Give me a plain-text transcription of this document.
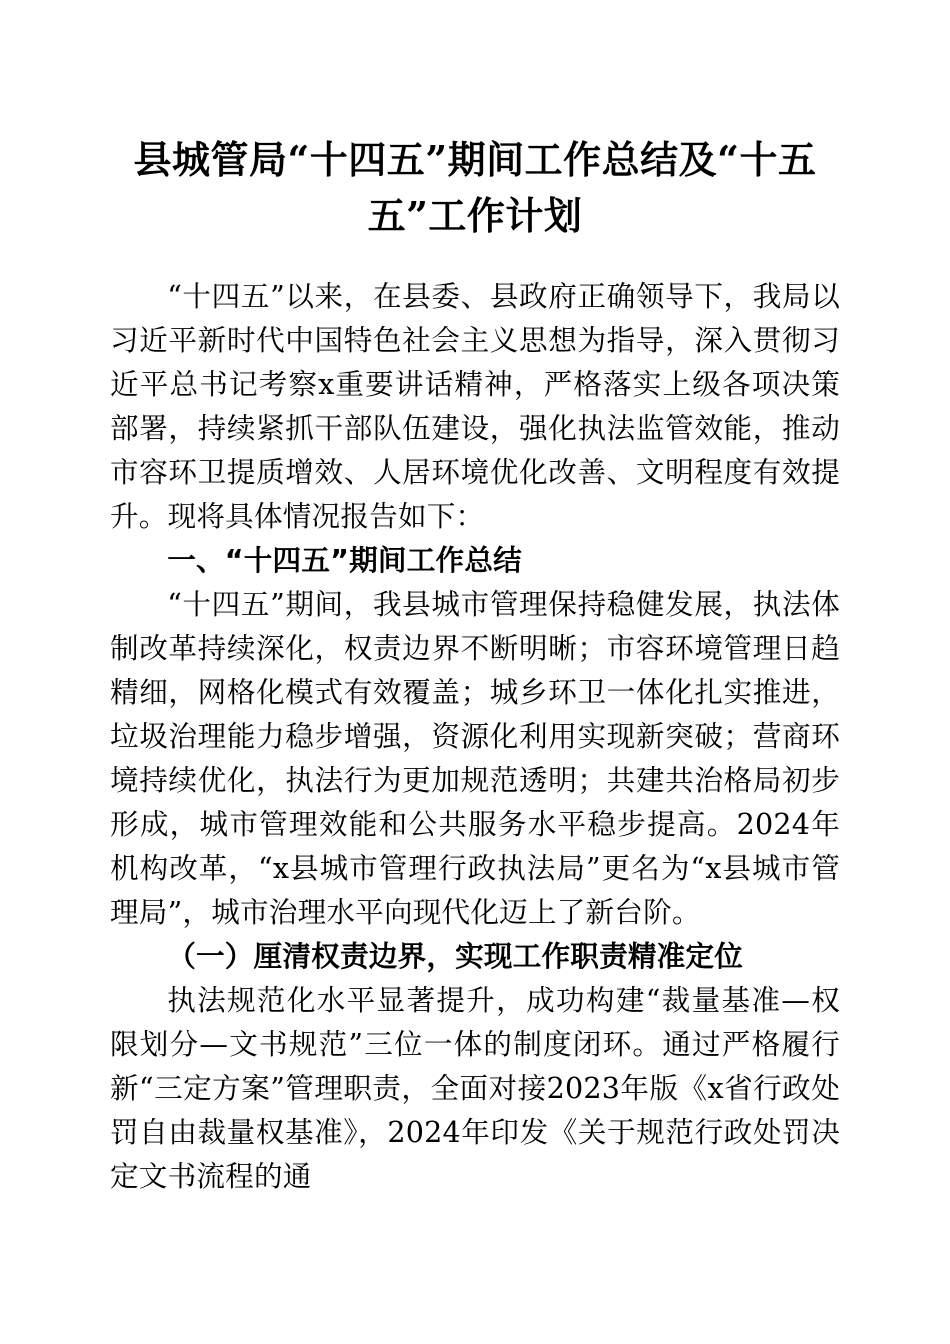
县城管局“十四五”期间工作总结及“十五五”工作计划

“十四五”以来，在县委、县政府正确领导下，我局以习近平新时代中国特色社会主义思想为指导，深入贯彻习近平总书记考察x重要讲话精神，严格落实上级各项决策部署，持续紧抓干部队伍建设，强化执法监管效能，推动市容环卫提质增效、人居环境优化改善、文明程度有效提升。现将具体情况报告如下：

一、“十四五”期间工作总结

“十四五”期间，我县城市管理保持稳健发展，执法体制改革持续深化，权责边界不断明晰；市容环境管理日趋精细，网格化模式有效覆盖；城乡环卫一体化扎实推进，垃圾治理能力稳步增强，资源化利用实现新突破；营商环境持续优化，执法行为更加规范透明；共建共治格局初步形成，城市管理效能和公共服务水平稳步提高。2024年机构改革，“x县城市管理行政执法局”更名为“x县城市管理局”，城市治理水平向现代化迈上了新台阶。

（一）厘清权责边界，实现工作职责精准定位

执法规范化水平显著提升，成功构建“裁量基准—权限划分—文书规范”三位一体的制度闭环。通过严格履行新“三定方案”管理职责，全面对接2023年版《x省行政处罚自由裁量权基准》，2024年印发《关于规范行政处罚决定文书流程的通
